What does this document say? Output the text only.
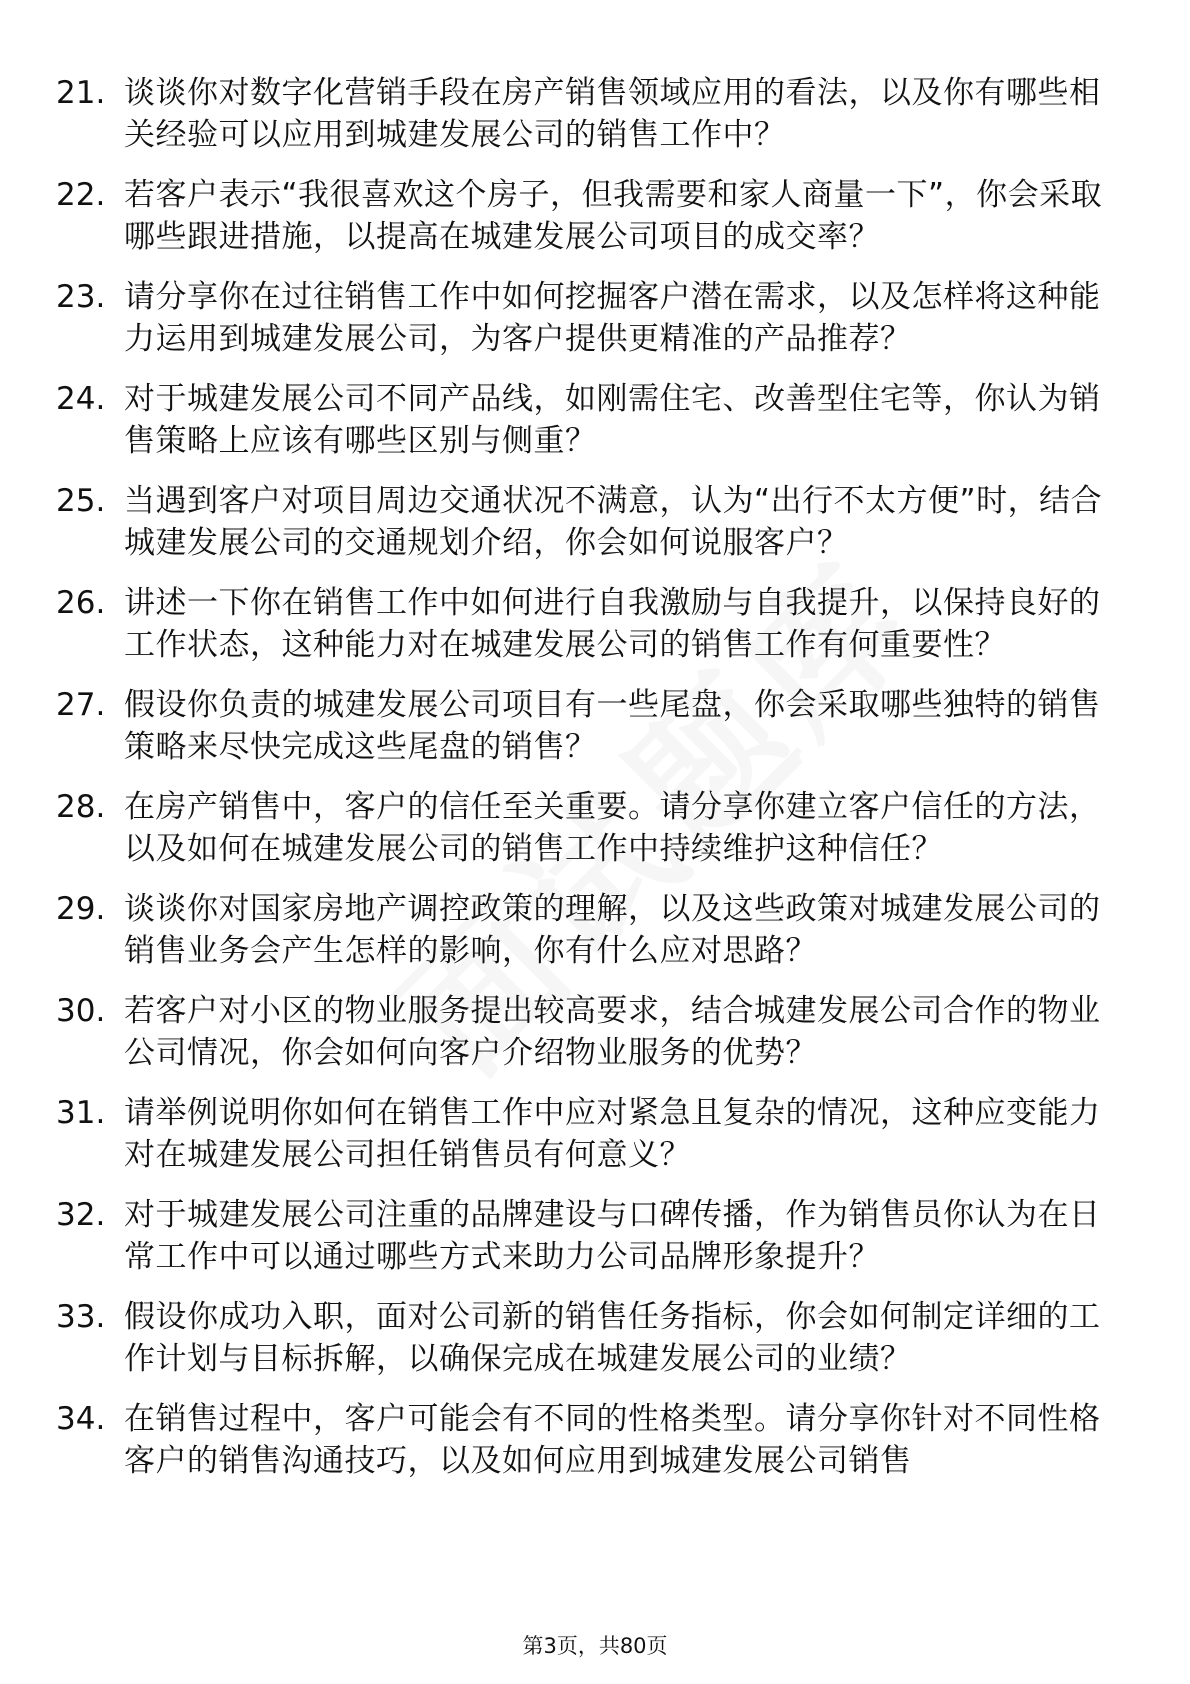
21. 谈谈你对数字化营销手段在房产销售领域应用的看法，以及你有哪些相关经验可以应用到城建发展公司的销售工作中？
22. 若客户表示“我很喜欢这个房子，但我需要和家人商量一下”，你会采取哪些跟进措施，以提高在城建发展公司项目的成交率？
23. 请分享你在过往销售工作中如何挖掘客户潜在需求，以及怎样将这种能力运用到城建发展公司，为客户提供更精准的产品推荐？
24. 对于城建发展公司不同产品线，如刚需住宅、改善型住宅等，你认为销售策略上应该有哪些区别与侧重？
25. 当遇到客户对项目周边交通状况不满意，认为“出行不太方便”时，结合城建发展公司的交通规划介绍，你会如何说服客户？
26. 讲述一下你在销售工作中如何进行自我激励与自我提升，以保持良好的工作状态，这种能力对在城建发展公司的销售工作有何重要性？
27. 假设你负责的城建发展公司项目有一些尾盘，你会采取哪些独特的销售策略来尽快完成这些尾盘的销售？
28. 在房产销售中，客户的信任至关重要。请分享你建立客户信任的方法，以及如何在城建发展公司的销售工作中持续维护这种信任？
29. 谈谈你对国家房地产调控政策的理解，以及这些政策对城建发展公司的销售业务会产生怎样的影响，你有什么应对思路？
30. 若客户对小区的物业服务提出较高要求，结合城建发展公司合作的物业公司情况，你会如何向客户介绍物业服务的优势？
31. 请举例说明你如何在销售工作中应对紧急且复杂的情况，这种应变能力对在城建发展公司担任销售员有何意义？
32. 对于城建发展公司注重的品牌建设与口碑传播，作为销售员你认为在日常工作中可以通过哪些方式来助力公司品牌形象提升？
33. 假设你成功入职，面对公司新的销售任务指标，你会如何制定详细的工作计划与目标拆解，以确保完成在城建发展公司的业绩？
34. 在销售过程中，客户可能会有不同的性格类型。请分享你针对不同性格客户的销售沟通技巧，以及如何应用到城建发展公司销售
第3页，共80页
